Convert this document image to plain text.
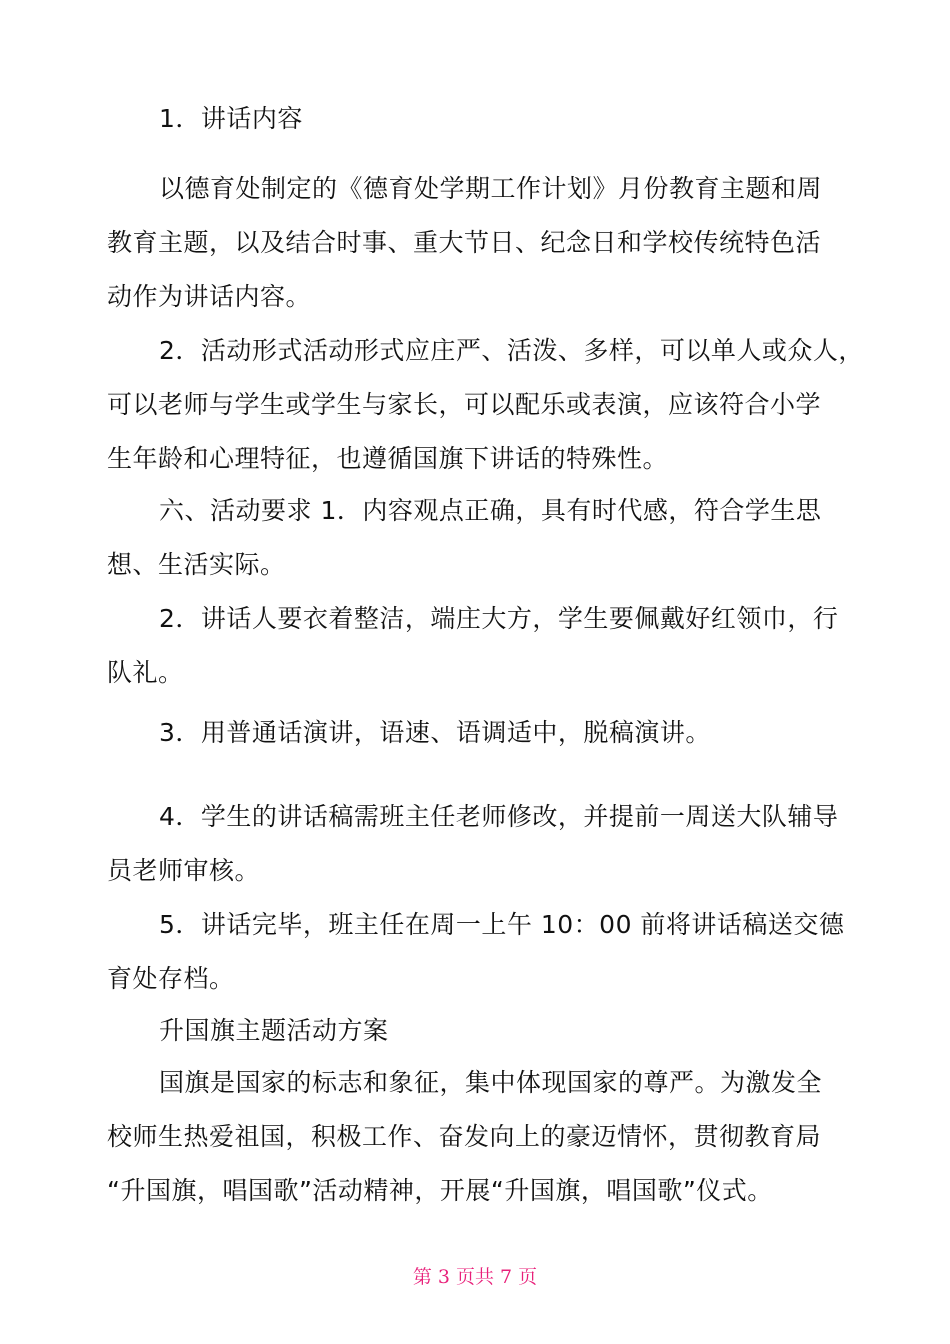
1．讲话内容
以德育处制定的《德育处学期工作计划》月份教育主题和周
教育主题，以及结合时事、重大节日、纪念日和学校传统特色活
动作为讲话内容。
2．活动形式活动形式应庄严、活泼、多样，可以单人或众人，
可以老师与学生或学生与家长，可以配乐或表演，应该符合小学
生年龄和心理特征，也遵循国旗下讲话的特殊性。
六、活动要求 1．内容观点正确，具有时代感，符合学生思
想、生活实际。
2．讲话人要衣着整洁，端庄大方，学生要佩戴好红领巾，行
队礼。
3．用普通话演讲，语速、语调适中，脱稿演讲。
4．学生的讲话稿需班主任老师修改，并提前一周送大队辅导
员老师审核。
5．讲话完毕，班主任在周一上午 10：00 前将讲话稿送交德
育处存档。
升国旗主题活动方案
国旗是国家的标志和象征，集中体现国家的尊严。为激发全
校师生热爱祖国，积极工作、奋发向上的豪迈情怀，贯彻教育局
“升国旗，唱国歌”活动精神，开展“升国旗，唱国歌”仪式。
第 3 页共 7 页
